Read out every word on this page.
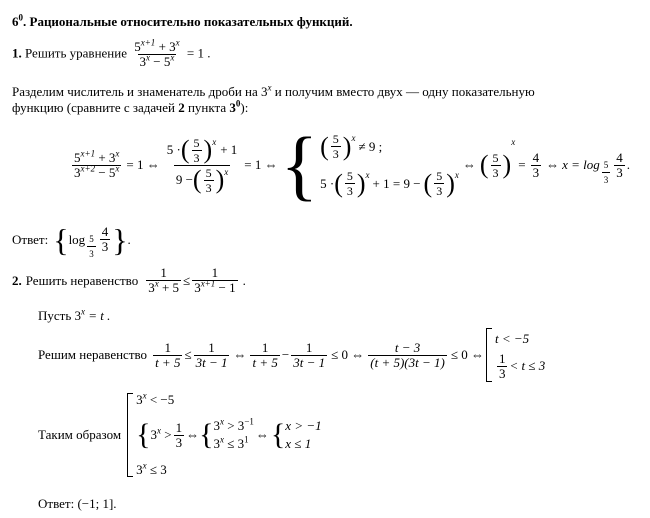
$6^0$. Рациональные относительно показательных функций.
1. Решить уравнение $\frac{5^{x+1} + 3^x}{3^x - 5^x} = 1$ .
Разделим числитель и знаменатель дроби на 3$^x$ и получим вместо двух — одну показательную
функцию (сравните с задачей 2 пункта $3^0$):
$\frac{5^{x+1} + 3^x}{3^{x+2} - 5^x} = 1$ ⇔ 5 · ( $\frac{5}{3}$ ) x
+ 1
9 − ( $\frac{5}{3}$ ) x = 1 ⇔ { ( $\frac{5}{3}$ ) x
≠ 9 ;
5 · ( $\frac{5}{3}$ ) x
+ 1 = 9 − ( $\frac{5}{3}$ ) x
⇔ ( $\frac{5}{3}$ )
x
= $\frac{4}{3}$ ⇔ $x = \log \frac{5}{3} \frac{4}{3}$ .
Ответ: { $\log \frac{5}{3} \frac{4}{3}$ } .
2. Решить неравенство $\frac{1}{3^x + 5} \le \frac{1}{3^{x+1} - 1}$ .
Пусть $3^x = t$ .
Решим неравенство $\frac{1}{t + 5} \le \frac{1}{3t - 1}$ ⇔ $\frac{1}{t + 5} - \frac{1}{3t - 1} \le 0$ ⇔ $\frac{t - 3}{(t + 5)(3t - 1)} \le 0$ ⇔
t < −5
$\frac{1}{3} < t \le 3$
Таким образом
$3^x < -5$
{ $3^x > \frac{1}{3}$ ⇔ { $3^x > 3^{-1}$
$3^x \le 3^1$ ⇔ { x > −1
x ≤ 1
$3^x \le 3$
Ответ: (−1; 1].
